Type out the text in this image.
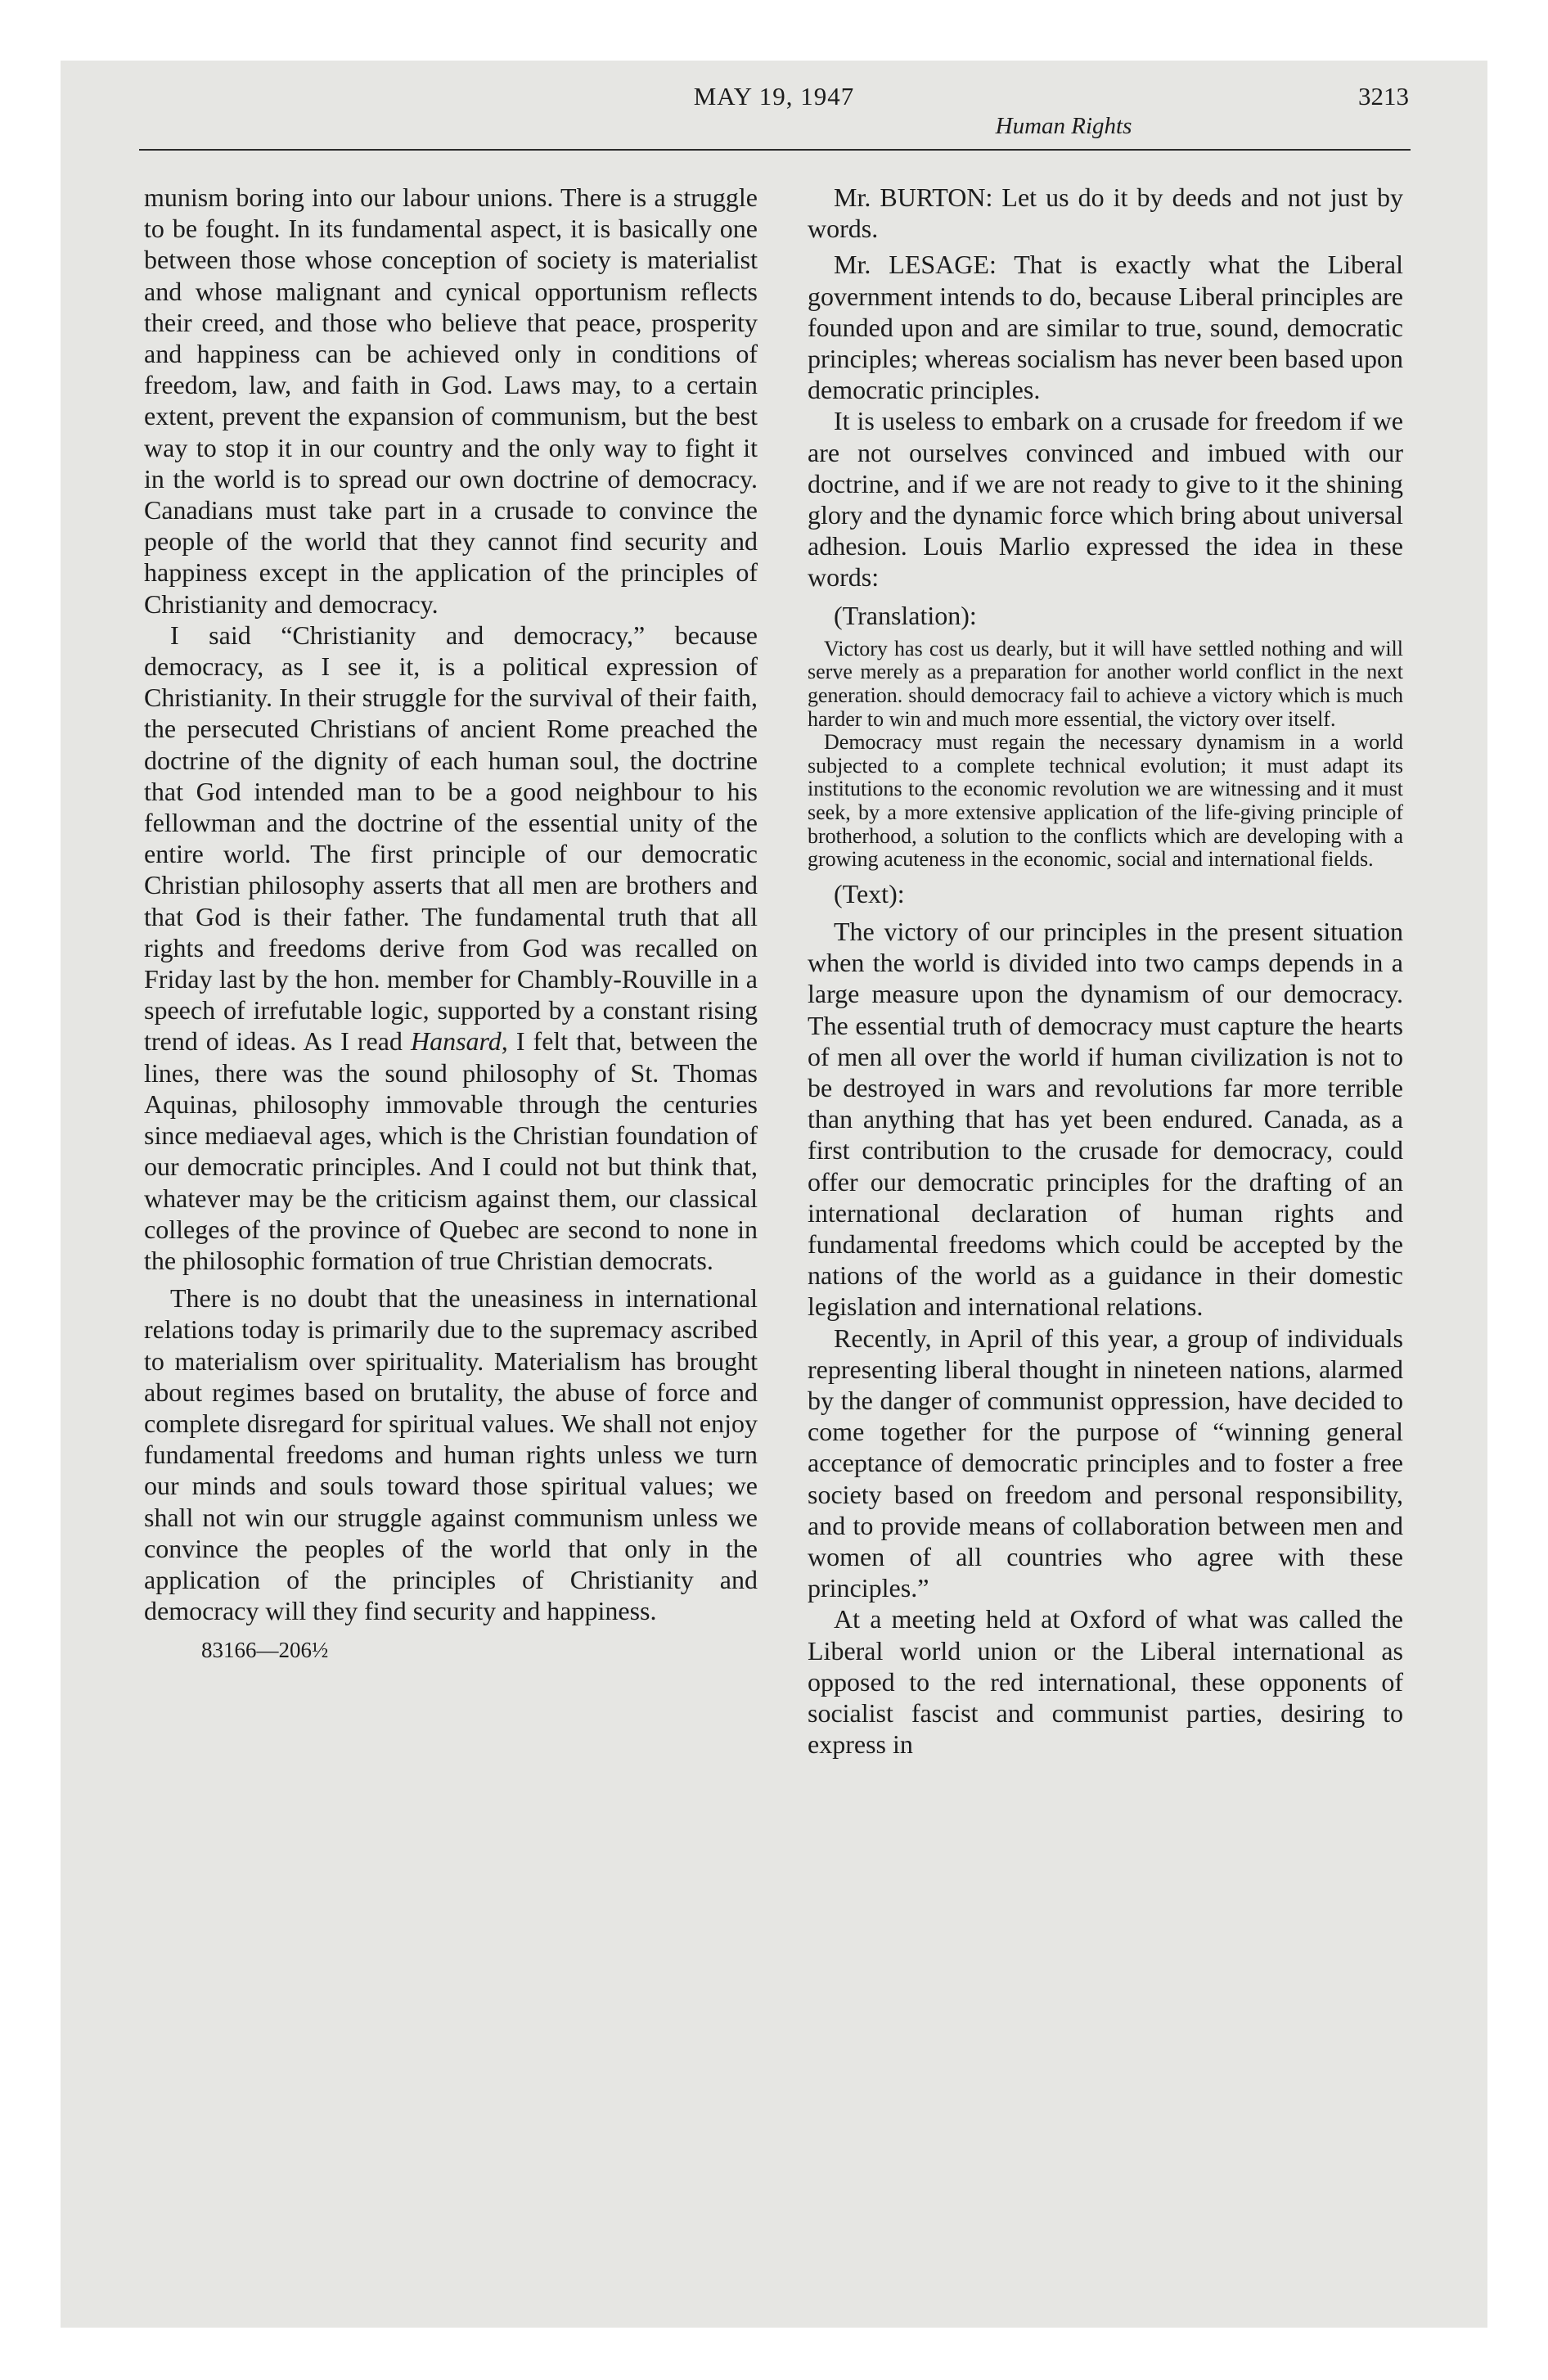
MAY 19, 1947
Human Rights
3213

munism boring into our labour unions. There is a struggle to be fought. In its fundamental aspect, it is basically one between those whose conception of society is materialist and whose malignant and cynical opportunism reflects their creed, and those who believe that peace, prosperity and happiness can be achieved only in conditions of freedom, law, and faith in God. Laws may, to a certain extent, prevent the expansion of communism, but the best way to stop it in our country and the only way to fight it in the world is to spread our own doctrine of democracy. Canadians must take part in a crusade to convince the people of the world that they cannot find security and happiness except in the application of the principles of Christianity and democracy.

I said “Christianity and democracy,” because democracy, as I see it, is a political expression of Christianity. In their struggle for the survival of their faith, the persecuted Christians of ancient Rome preached the doctrine of the dignity of each human soul, the doctrine that God intended man to be a good neighbour to his fellowman and the doctrine of the essential unity of the entire world. The first principle of our democratic Christian philosophy asserts that all men are brothers and that God is their father. The fundamental truth that all rights and freedoms derive from God was recalled on Friday last by the hon. member for Chambly-Rouville in a speech of irrefutable logic, supported by a constant rising trend of ideas. As I read Hansard, I felt that, between the lines, there was the sound philosophy of St. Thomas Aquinas, philosophy immovable through the centuries since mediaeval ages, which is the Christian foundation of our democratic principles. And I could not but think that, whatever may be the criticism against them, our classical colleges of the province of Quebec are second to none in the philosophic formation of true Christian democrats.

There is no doubt that the uneasiness in international relations today is primarily due to the supremacy ascribed to materialism over spirituality. Materialism has brought about regimes based on brutality, the abuse of force and complete disregard for spiritual values. We shall not enjoy fundamental freedoms and human rights unless we turn our minds and souls toward those spiritual values; we shall not win our struggle against communism unless we convince the peoples of the world that only in the application of the principles of Christianity and democracy will they find security and happiness.

83166—206½

Mr. BURTON: Let us do it by deeds and not just by words.

Mr. LESAGE: That is exactly what the Liberal government intends to do, because Liberal principles are founded upon and are similar to true, sound, democratic principles; whereas socialism has never been based upon democratic principles.

It is useless to embark on a crusade for freedom if we are not ourselves convinced and imbued with our doctrine, and if we are not ready to give to it the shining glory and the dynamic force which bring about universal adhesion. Louis Marlio expressed the idea in these words:

(Translation):

Victory has cost us dearly, but it will have settled nothing and will serve merely as a preparation for another world conflict in the next generation. should democracy fail to achieve a victory which is much harder to win and much more essential, the victory over itself.

Democracy must regain the necessary dynamism in a world subjected to a complete technical evolution; it must adapt its institutions to the economic revolution we are witnessing and it must seek, by a more extensive application of the life-giving principle of brotherhood, a solution to the conflicts which are developing with a growing acuteness in the economic, social and international fields.

(Text):

The victory of our principles in the present situation when the world is divided into two camps depends in a large measure upon the dynamism of our democracy. The essential truth of democracy must capture the hearts of men all over the world if human civilization is not to be destroyed in wars and revolutions far more terrible than anything that has yet been endured. Canada, as a first contribution to the crusade for democracy, could offer our democratic principles for the drafting of an international declaration of human rights and fundamental freedoms which could be accepted by the nations of the world as a guidance in their domestic legislation and international relations.

Recently, in April of this year, a group of individuals representing liberal thought in nineteen nations, alarmed by the danger of communist oppression, have decided to come together for the purpose of “winning general acceptance of democratic principles and to foster a free society based on freedom and personal responsibility, and to provide means of collaboration between men and women of all countries who agree with these principles.”

At a meeting held at Oxford of what was called the Liberal world union or the Liberal international as opposed to the red international, these opponents of socialist fascist and communist parties, desiring to express in
